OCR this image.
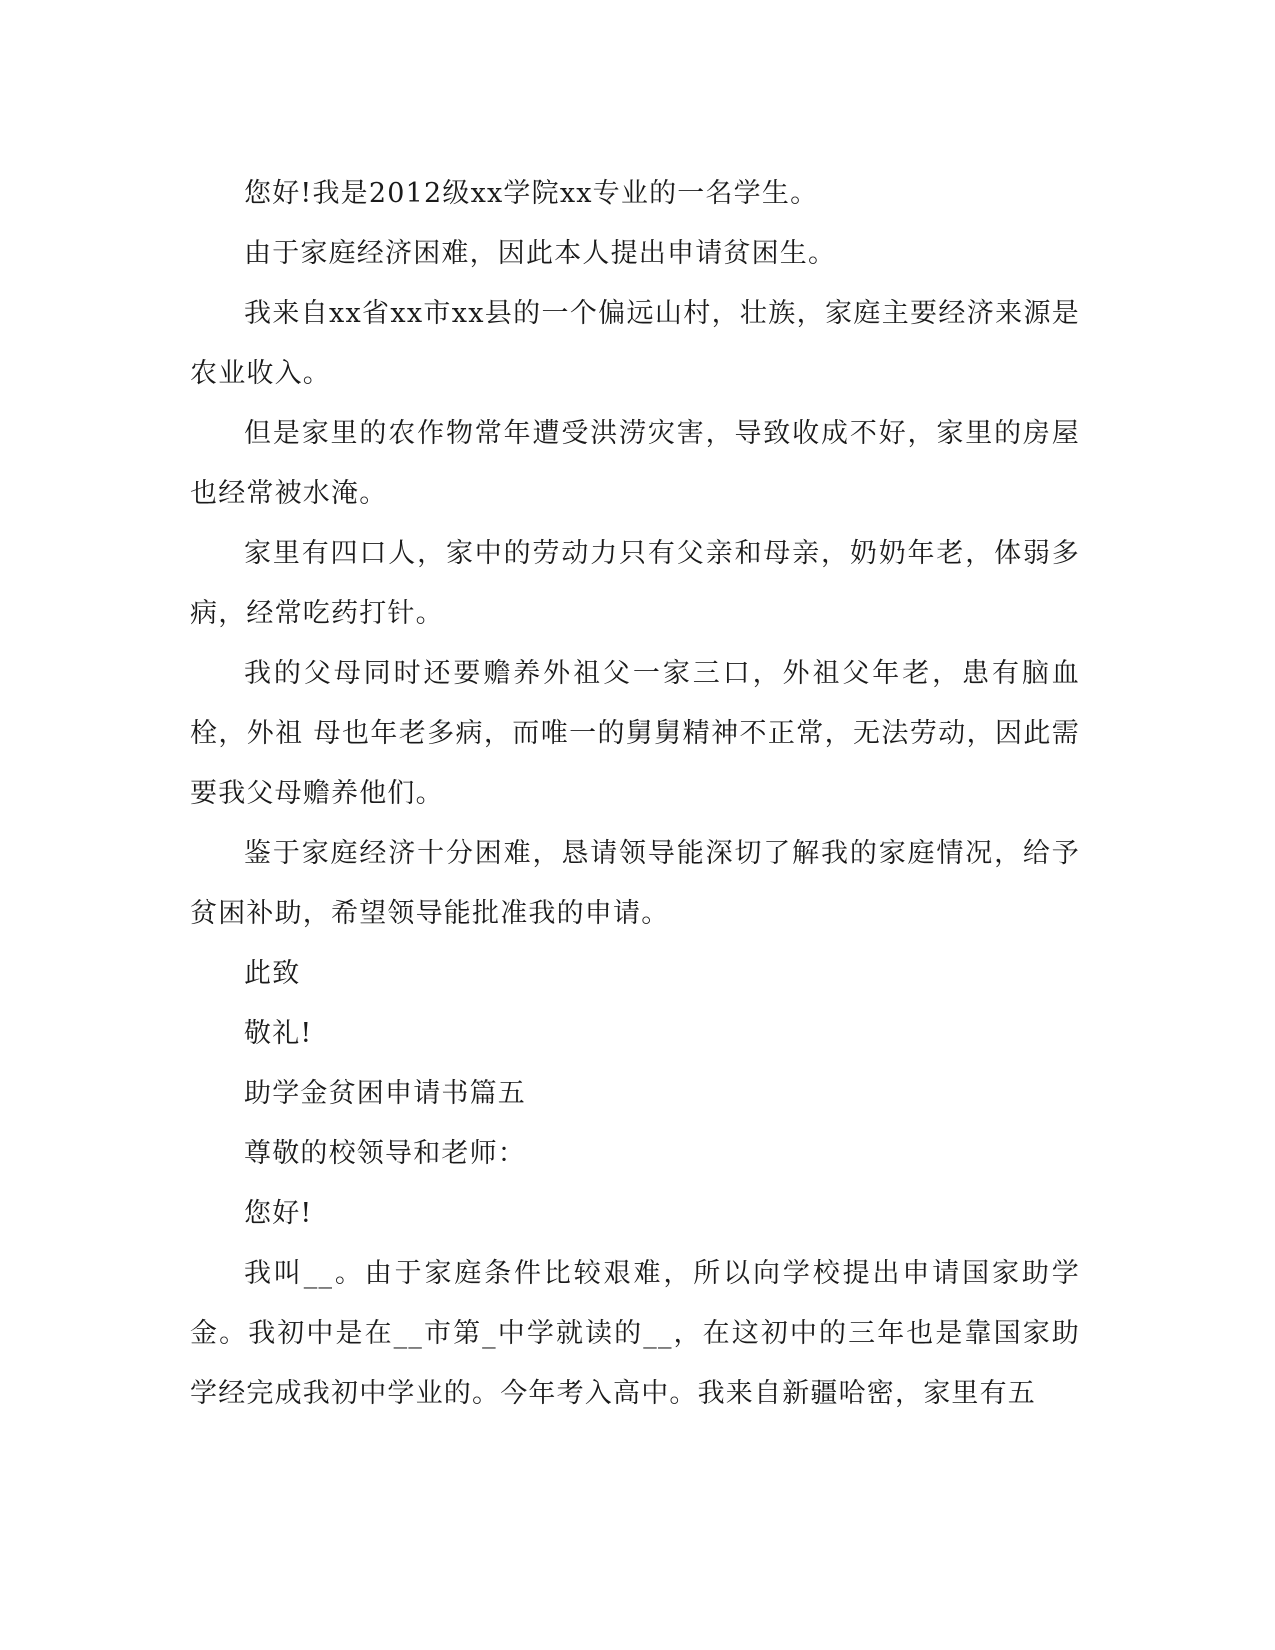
您好!我是2012级xx学院xx专业的一名学生。

由于家庭经济困难，因此本人提出申请贫困生。

我来自xx省xx市xx县的一个偏远山村，壮族，家庭主要经济来源是农业收入。

但是家里的农作物常年遭受洪涝灾害，导致收成不好，家里的房屋也经常被水淹。

家里有四口人，家中的劳动力只有父亲和母亲，奶奶年老，体弱多病，经常吃药打针。

我的父母同时还要赡养外祖父一家三口，外祖父年老，患有脑血栓，外祖 母也年老多病，而唯一的舅舅精神不正常，无法劳动，因此需要我父母赡养他们。

鉴于家庭经济十分困难，恳请领导能深切了解我的家庭情况，给予贫困补助，希望领导能批准我的申请。

此致

敬礼!

助学金贫困申请书篇五

尊敬的校领导和老师：

您好!

我叫__。由于家庭条件比较艰难，所以向学校提出申请国家助学金。我初中是在__市第_中学就读的__，在这初中的三年也是靠国家助学经完成我初中学业的。今年考入高中。我来自新疆哈密，家里有五
